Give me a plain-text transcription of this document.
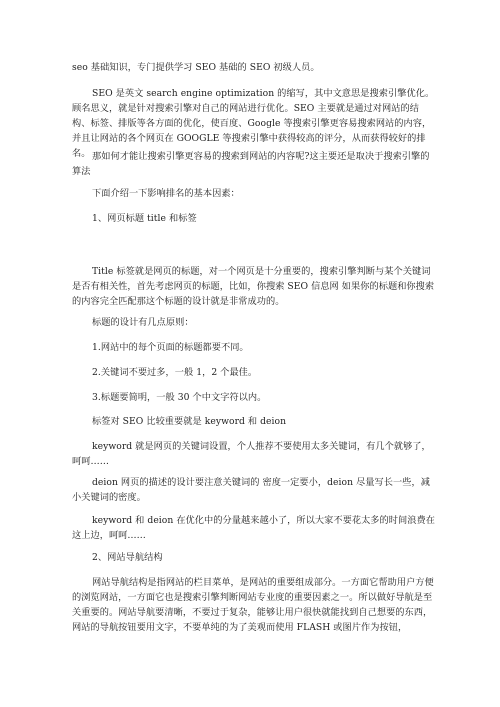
seo 基础知识，专门提供学习 SEO 基础的 SEO 初级人员。

SEO 是英文 search engine optimization 的缩写，其中文意思是搜索引擎优化。顾名思义，就是针对搜索引擎对自己的网站进行优化。SEO 主要就是通过对网站的结构、标签、排版等各方面的优化，使百度、Google 等搜索引擎更容易搜索网站的内容，并且让网站的各个网页在 GOOGLE 等搜索引擎中获得较高的评分，从而获得较好的排名。 那如何才能让搜索引擎更容易的搜索到网站的内容呢?这主要还是取决于搜索引擎的算法

下面介绍一下影响排名的基本因素：

1、网页标题 title 和标签

Title 标签就是网页的标题，对一个网页是十分重要的，搜索引擎判断与某个关键词是否有相关性，首先考虑网页的标题，比如，你搜索 SEO 信息网 如果你的标题和你搜索的内容完全匹配那这个标题的设计就是非常成功的。

标题的设计有几点原则：

1.网站中的每个页面的标题都要不同。

2.关键词不要过多，一般 1，2 个最佳。

3.标题要简明，一般 30 个中文字符以内。

标签对 SEO 比较重要就是 keyword 和 deion

keyword 就是网页的关键词设置，个人推荐不要使用太多关键词，有几个就够了，呵呵……

deion 网页的描述的设计要注意关键词的 密度一定要小，deion 尽量写长一些，减小关键词的密度。

keyword 和 deion 在优化中的分量越来越小了，所以大家不要花太多的时间浪费在这上边，呵呵……

2、网站导航结构

网站导航结构是指网站的栏目菜单，是网站的重要组成部分。一方面它帮助用户方便的浏览网站，一方面它也是搜索引擎判断网站专业度的重要因素之一。所以做好导航是至关重要的。网站导航要清晰，不要过于复杂，能够让用户很快就能找到自己想要的东西，网站的导航按钮要用文字，不要单纯的为了美观而使用 FLASH 或图片作为按钮，
